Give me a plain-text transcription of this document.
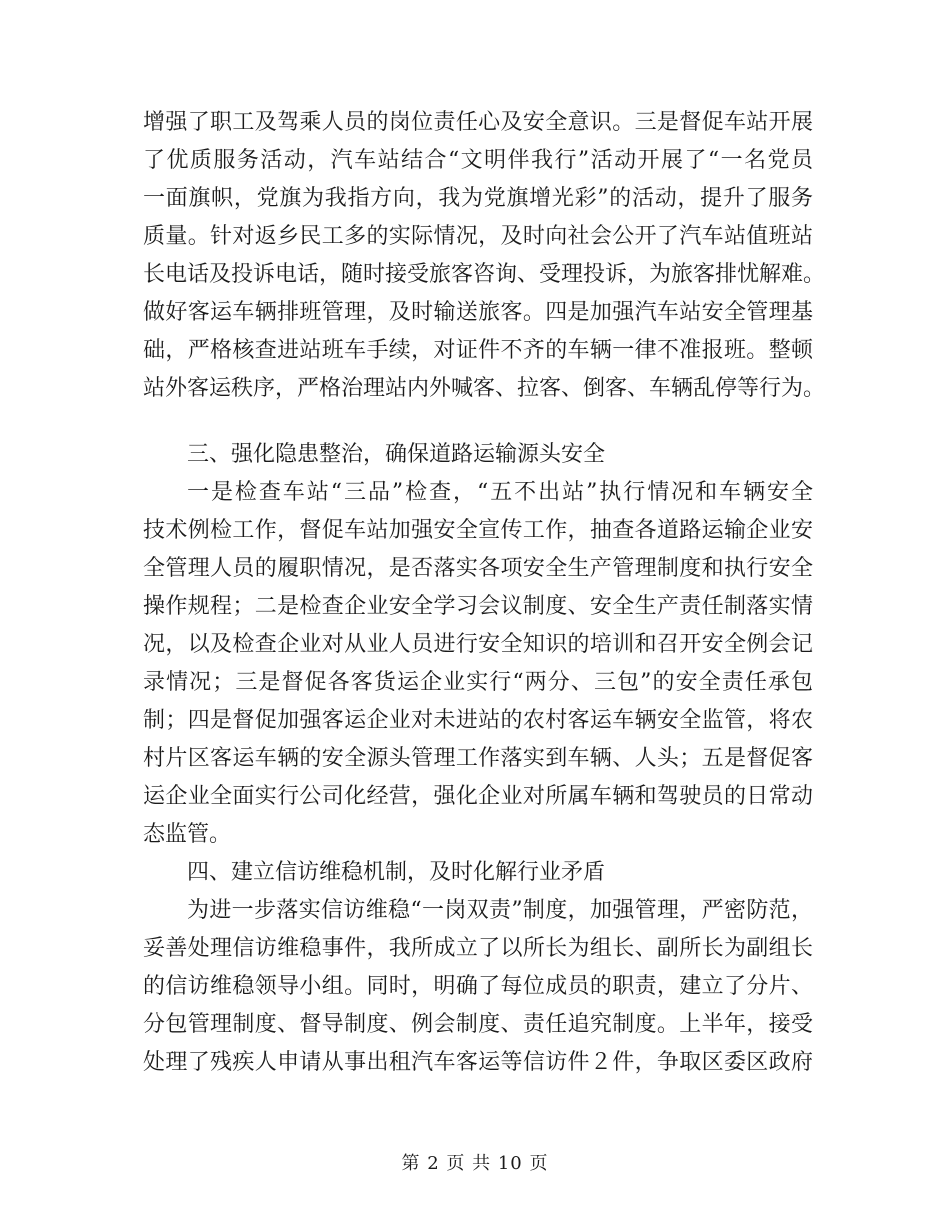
增强了职工及驾乘人员的岗位责任心及安全意识。三是督促车站开展
了优质服务活动，汽车站结合“文明伴我行”活动开展了“一名党员
一面旗帜，党旗为我指方向，我为党旗增光彩”的活动，提升了服务
质量。针对返乡民工多的实际情况，及时向社会公开了汽车站值班站
长电话及投诉电话，随时接受旅客咨询、受理投诉，为旅客排忧解难。
做好客运车辆排班管理，及时输送旅客。四是加强汽车站安全管理基
础，严格核查进站班车手续，对证件不齐的车辆一律不准报班。整顿
站外客运秩序，严格治理站内外喊客、拉客、倒客、车辆乱停等行为。
三、强化隐患整治，确保道路运输源头安全
一是检查车站“三品”检查，“五不出站”执行情况和车辆安全
技术例检工作，督促车站加强安全宣传工作，抽查各道路运输企业安
全管理人员的履职情况，是否落实各项安全生产管理制度和执行安全
操作规程；二是检查企业安全学习会议制度、安全生产责任制落实情
况，以及检查企业对从业人员进行安全知识的培训和召开安全例会记
录情况；三是督促各客货运企业实行“两分、三包”的安全责任承包
制；四是督促加强客运企业对未进站的农村客运车辆安全监管，将农
村片区客运车辆的安全源头管理工作落实到车辆、人头；五是督促客
运企业全面实行公司化经营，强化企业对所属车辆和驾驶员的日常动
态监管。
四、建立信访维稳机制，及时化解行业矛盾
为进一步落实信访维稳“一岗双责”制度，加强管理，严密防范，
妥善处理信访维稳事件，我所成立了以所长为组长、副所长为副组长
的信访维稳领导小组。同时，明确了每位成员的职责，建立了分片、
分包管理制度、督导制度、例会制度、责任追究制度。上半年，接受
处理了残疾人申请从事出租汽车客运等信访件２件，争取区委区政府
第 2 页 共 10 页
